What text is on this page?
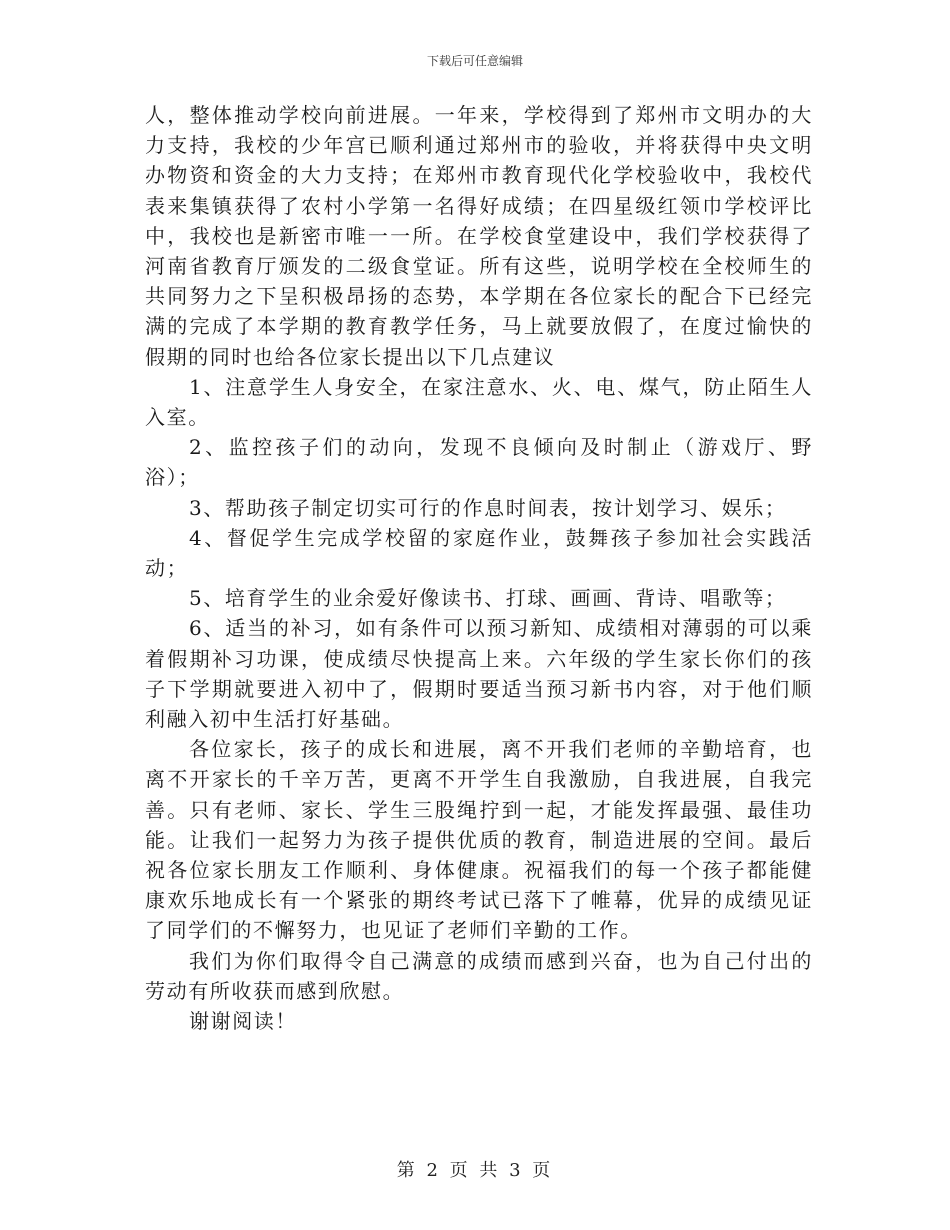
下载后可任意编辑

人，整体推动学校向前进展。一年来，学校得到了郑州市文明办的大力支持，我校的少年宫已顺利通过郑州市的验收，并将获得中央文明办物资和资金的大力支持；在郑州市教育现代化学校验收中，我校代表来集镇获得了农村小学第一名得好成绩；在四星级红领巾学校评比中，我校也是新密市唯一一所。在学校食堂建设中，我们学校获得了河南省教育厅颁发的二级食堂证。所有这些，说明学校在全校师生的共同努力之下呈积极昂扬的态势，本学期在各位家长的配合下已经完满的完成了本学期的教育教学任务，马上就要放假了，在度过愉快的假期的同时也给各位家长提出以下几点建议

1、注意学生人身安全，在家注意水、火、电、煤气，防止陌生人入室。

2、监控孩子们的动向，发现不良倾向及时制止（游戏厅、野浴）；

3、帮助孩子制定切实可行的作息时间表，按计划学习、娱乐；

4、督促学生完成学校留的家庭作业，鼓舞孩子参加社会实践活动；

5、培育学生的业余爱好像读书、打球、画画、背诗、唱歌等；

6、适当的补习，如有条件可以预习新知、成绩相对薄弱的可以乘着假期补习功课，使成绩尽快提高上来。六年级的学生家长你们的孩子下学期就要进入初中了，假期时要适当预习新书内容，对于他们顺利融入初中生活打好基础。

各位家长，孩子的成长和进展，离不开我们老师的辛勤培育，也离不开家长的千辛万苦，更离不开学生自我激励，自我进展，自我完善。只有老师、家长、学生三股绳拧到一起，才能发挥最强、最佳功能。让我们一起努力为孩子提供优质的教育，制造进展的空间。最后祝各位家长朋友工作顺利、身体健康。祝福我们的每一个孩子都能健康欢乐地成长有一个紧张的期终考试已落下了帷幕，优异的成绩见证了同学们的不懈努力，也见证了老师们辛勤的工作。

我们为你们取得令自己满意的成绩而感到兴奋，也为自己付出的劳动有所收获而感到欣慰。

谢谢阅读！

第 2 页 共 3 页
